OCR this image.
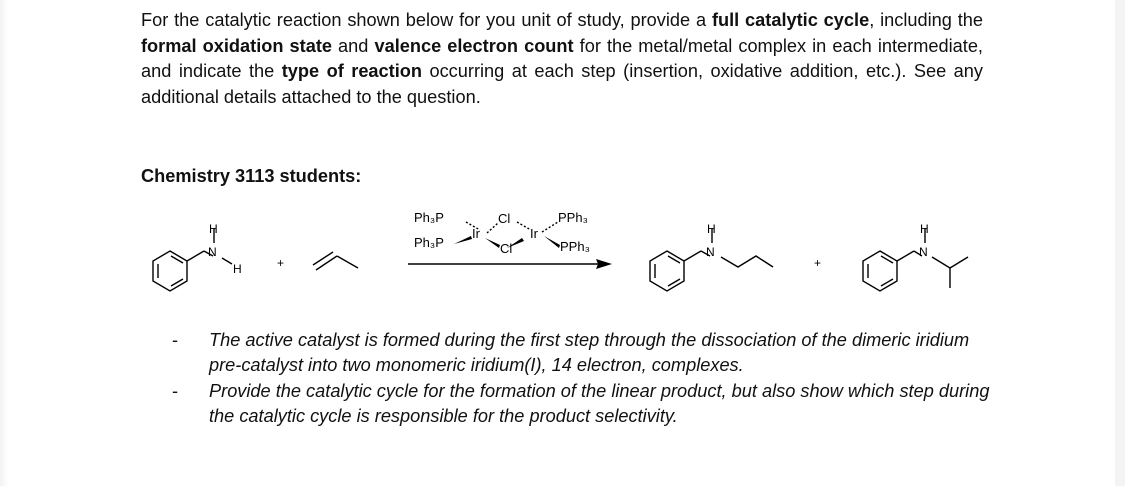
For the catalytic reaction shown below for you unit of study, provide a full catalytic cycle, including the formal oxidation state and valence electron count for the metal/metal complex in each intermediate, and indicate the type of reaction occurring at each step (insertion, oxidative addition, etc.). See any additional details attached to the question.

Chemistry 3113 students:

H
N
H	+
Ph₃P
Ph₃P
Ir
Cl
Cl
Ir
PPh₃
PPh₃
H
N
+
H
N
-	The active catalyst is formed during the first step through the dissociation of the dimeric iridium pre-catalyst into two monomeric iridium(I), 14 electron, complexes.
-	Provide the catalytic cycle for the formation of the linear product, but also show which step during the catalytic cycle is responsible for the product selectivity.
